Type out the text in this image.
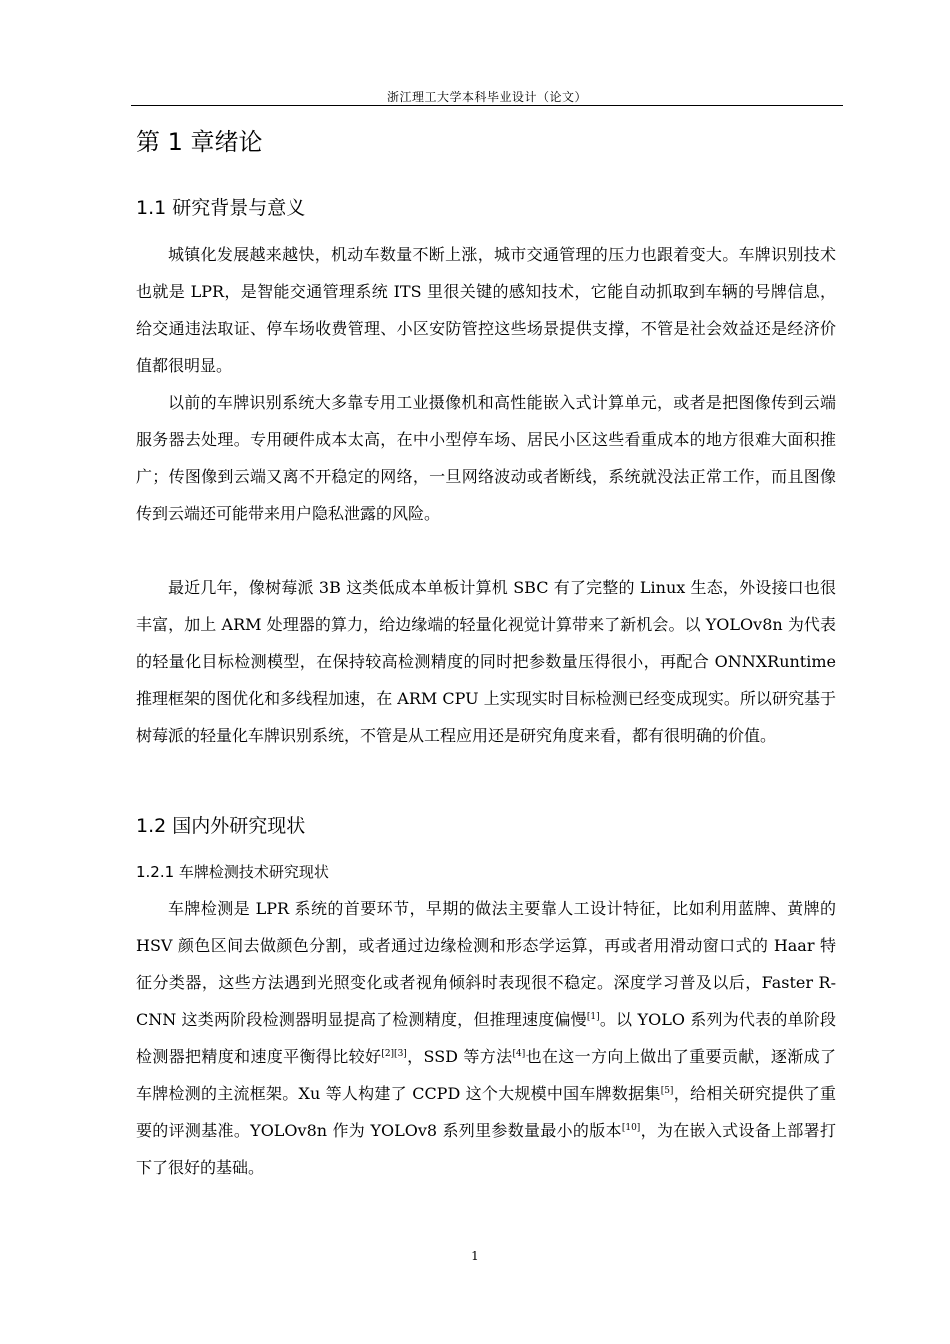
浙江理工大学本科毕业设计（论文）
第 1 章绪论
1.1 研究背景与意义
城镇化发展越来越快，机动车数量不断上涨，城市交通管理的压力也跟着变大。车牌识别技术也就是 LPR，是智能交通管理系统 ITS 里很关键的感知技术，它能自动抓取到车辆的号牌信息，给交通违法取证、停车场收费管理、小区安防管控这些场景提供支撑，不管是社会效益还是经济价值都很明显。
以前的车牌识别系统大多靠专用工业摄像机和高性能嵌入式计算单元，或者是把图像传到云端服务器去处理。专用硬件成本太高，在中小型停车场、居民小区这些看重成本的地方很难大面积推广；传图像到云端又离不开稳定的网络，一旦网络波动或者断线，系统就没法正常工作，而且图像传到云端还可能带来用户隐私泄露的风险。
最近几年，像树莓派 3B 这类低成本单板计算机 SBC 有了完整的 Linux 生态，外设接口也很丰富，加上 ARM 处理器的算力，给边缘端的轻量化视觉计算带来了新机会。以 YOLOv8n 为代表的轻量化目标检测模型，在保持较高检测精度的同时把参数量压得很小，再配合 ONNXRuntime 推理框架的图优化和多线程加速，在 ARM CPU 上实现实时目标检测已经变成现实。所以研究基于树莓派的轻量化车牌识别系统，不管是从工程应用还是研究角度来看，都有很明确的价值。
1.2 国内外研究现状
1.2.1 车牌检测技术研究现状
车牌检测是 LPR 系统的首要环节，早期的做法主要靠人工设计特征，比如利用蓝牌、黄牌的 HSV 颜色区间去做颜色分割，或者通过边缘检测和形态学运算，再或者用滑动窗口式的 Haar 特征分类器，这些方法遇到光照变化或者视角倾斜时表现很不稳定。深度学习普及以后，Faster R-CNN 这类两阶段检测器明显提高了检测精度，但推理速度偏慢[1]。以 YOLO 系列为代表的单阶段检测器把精度和速度平衡得比较好[2][3]，SSD 等方法[4]也在这一方向上做出了重要贡献，逐渐成了车牌检测的主流框架。Xu 等人构建了 CCPD 这个大规模中国车牌数据集[5]，给相关研究提供了重要的评测基准。YOLOv8n 作为 YOLOv8 系列里参数量最小的版本[10]，为在嵌入式设备上部署打下了很好的基础。
1
